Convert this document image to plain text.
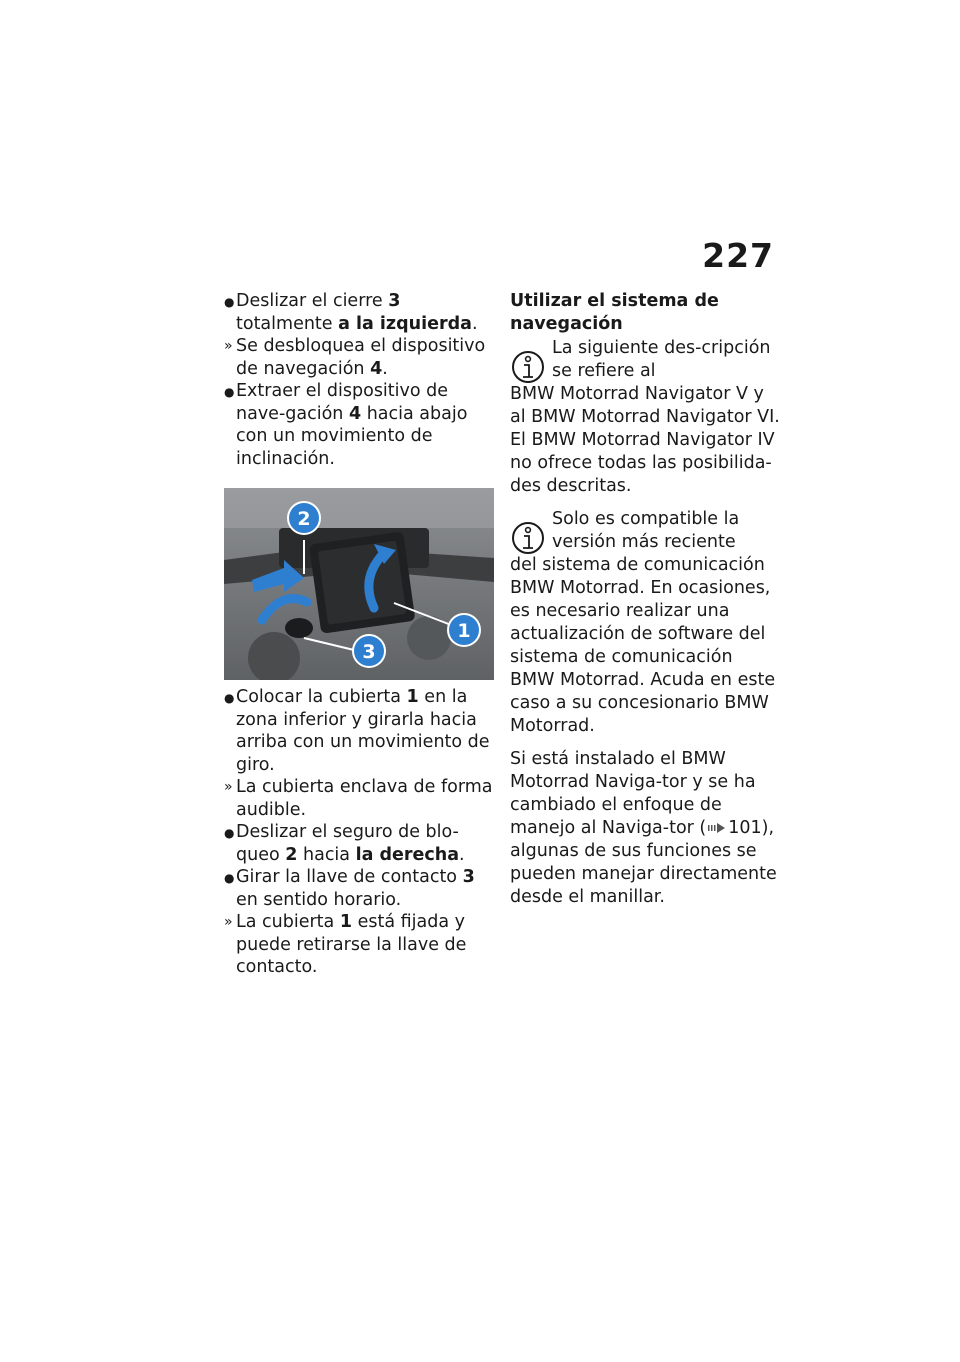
227

● Deslizar el cierre 3 totalmente a la izquierda.

» Se desbloquea el dispositivo de navegación 4.

● Extraer el dispositivo de nave-gación 4 hacia abajo con un movimiento de inclinación.

2
1
3

● Colocar la cubierta 1 en la zona inferior y girarla hacia arriba con un movimiento de giro.

» La cubierta enclava de forma audible.

● Deslizar el seguro de blo-queo 2 hacia la derecha.

● Girar la llave de contacto 3 en sentido horario.

» La cubierta 1 está fijada y puede retirarse la llave de contacto.

Utilizar el sistema de navegación

La siguiente des-cripción se refiere al
BMW Motorrad Navigator V y al BMW Motorrad Navigator VI. El BMW Motorrad Navigator IV no ofrece todas las posibilida-des descritas.

Solo es compatible la versión más reciente
del sistema de comunicación BMW Motorrad. En ocasiones, es necesario realizar una actualización de software del sistema de comunicación BMW Motorrad. Acuda en este caso a su concesionario BMW Motorrad.

Si está instalado el BMW Motorrad Naviga-tor y se ha cambiado el enfoque de manejo al Naviga-tor ( 101), algunas de sus funciones se pueden manejar directamente desde el manillar.
